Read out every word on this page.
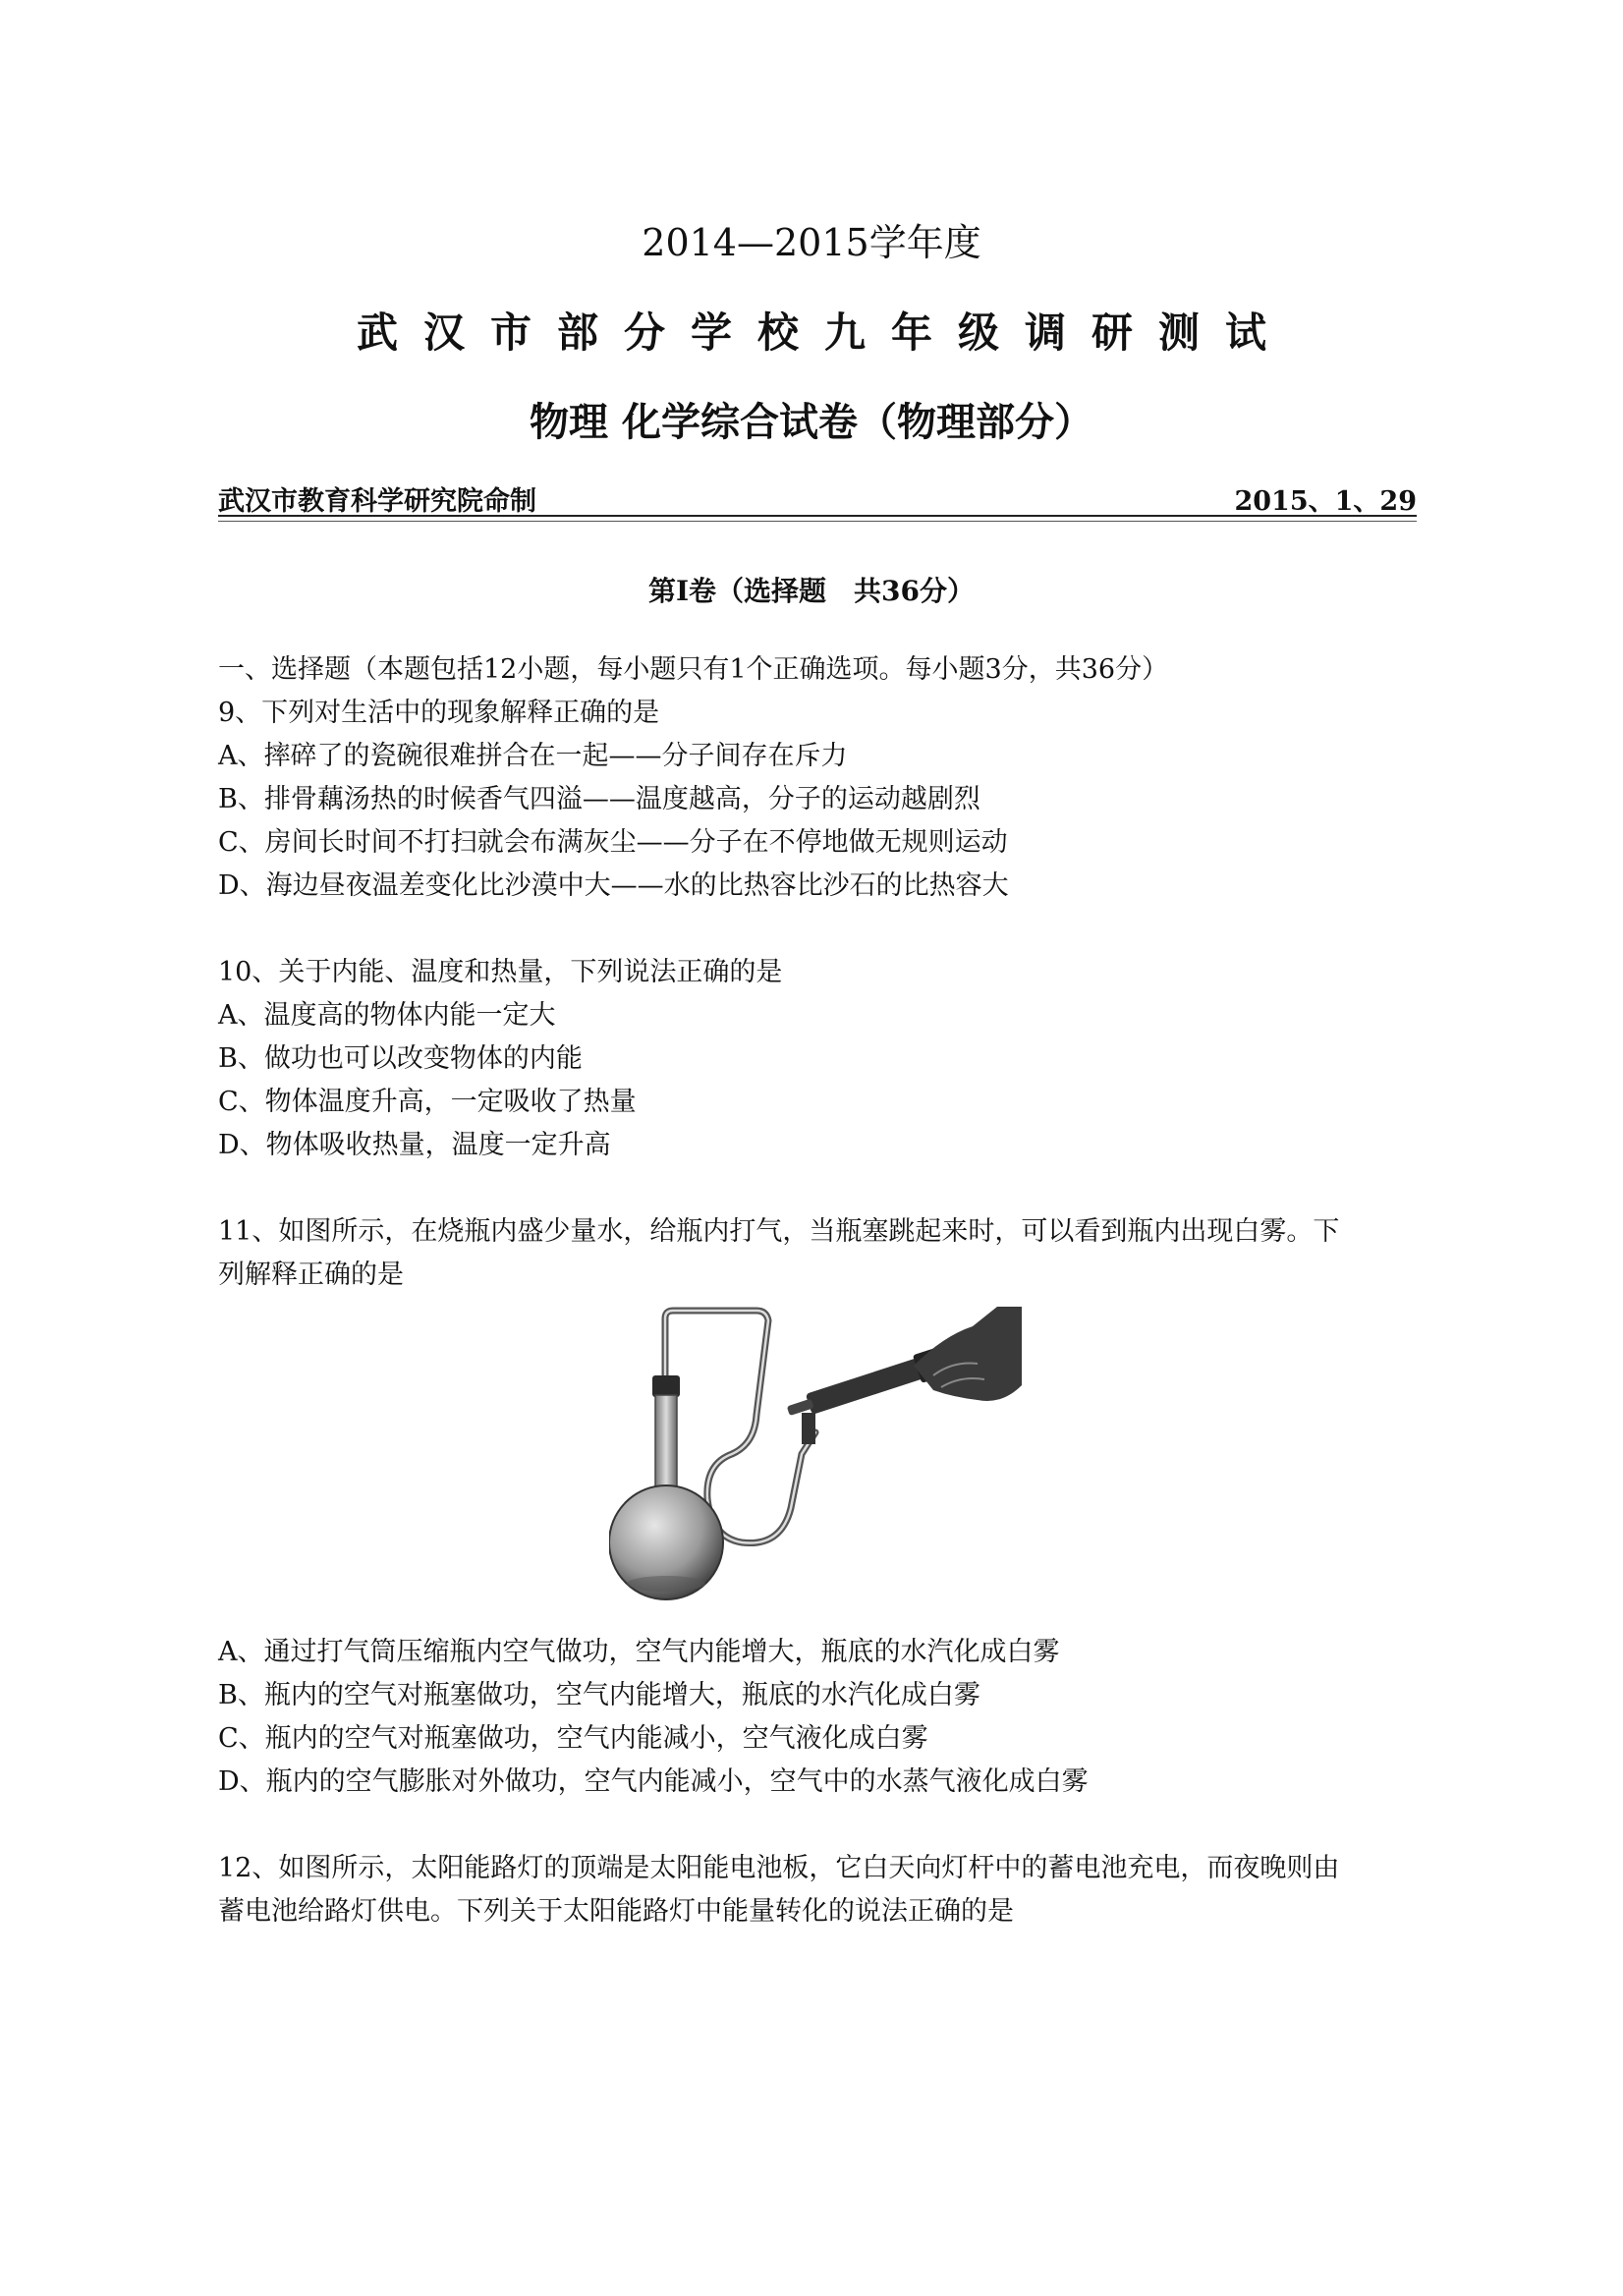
2014—2015学年度
武汉市部分学校九年级调研测试
物理 化学综合试卷（物理部分）
武汉市教育科学研究院命制	2015、1、29
第Ⅰ卷（选择题　共36分）
一、选择题（本题包括12小题，每小题只有1个正确选项。每小题3分，共36分）
9、下列对生活中的现象解释正确的是
A、摔碎了的瓷碗很难拼合在一起——分子间存在斥力
B、排骨藕汤热的时候香气四溢——温度越高，分子的运动越剧烈
C、房间长时间不打扫就会布满灰尘——分子在不停地做无规则运动
D、海边昼夜温差变化比沙漠中大——水的比热容比沙石的比热容大
10、关于内能、温度和热量，下列说法正确的是
A、温度高的物体内能一定大
B、做功也可以改变物体的内能
C、物体温度升高，一定吸收了热量
D、物体吸收热量，温度一定升高
11、如图所示，在烧瓶内盛少量水，给瓶内打气，当瓶塞跳起来时，可以看到瓶内出现白雾。下
列解释正确的是
A、通过打气筒压缩瓶内空气做功，空气内能增大，瓶底的水汽化成白雾
B、瓶内的空气对瓶塞做功，空气内能增大，瓶底的水汽化成白雾
C、瓶内的空气对瓶塞做功，空气内能减小，空气液化成白雾
D、瓶内的空气膨胀对外做功，空气内能减小，空气中的水蒸气液化成白雾
12、如图所示，太阳能路灯的顶端是太阳能电池板，它白天向灯杆中的蓄电池充电，而夜晚则由
蓄电池给路灯供电。下列关于太阳能路灯中能量转化的说法正确的是
